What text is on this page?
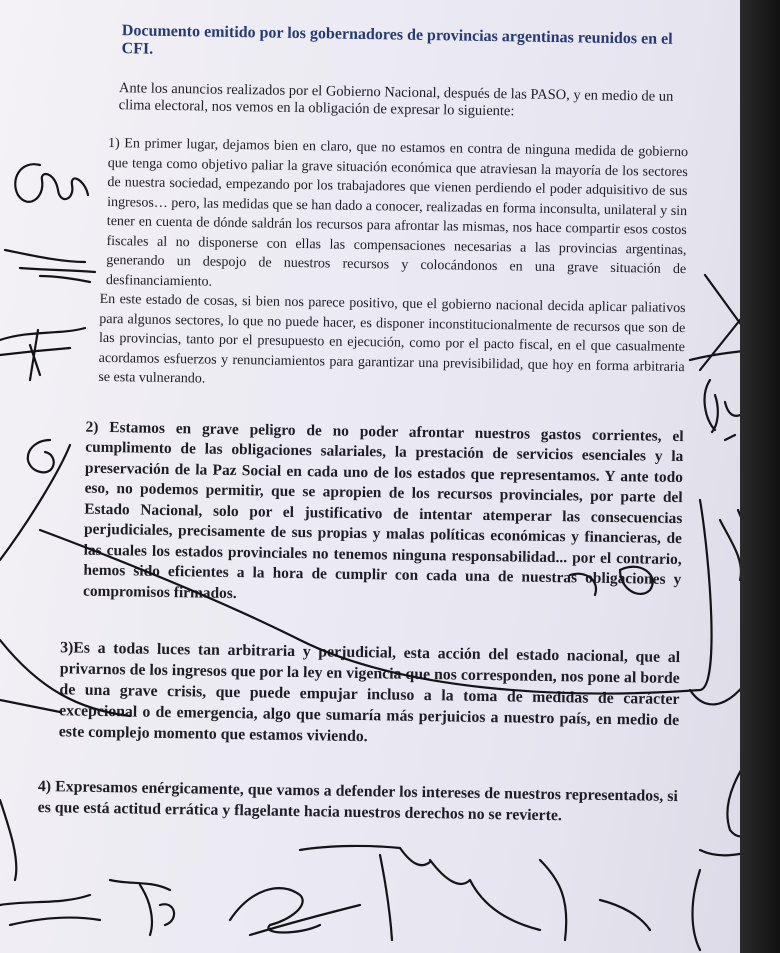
Documento emitido por los gobernadores de provincias argentinas reunidos en el CFI.

Ante los anuncios realizados por el Gobierno Nacional, después de las PASO, y en medio de un clima electoral, nos vemos en la obligación de expresar lo siguiente:

1) En primer lugar, dejamos bien en claro, que no estamos en contra de ninguna medida de gobierno que tenga como objetivo paliar la grave situación económica que atraviesan la mayoría de los sectores de nuestra sociedad, empezando por los trabajadores que vienen perdiendo el poder adquisitivo de sus ingresos… pero, las medidas que se han dado a conocer, realizadas en forma inconsulta, unilateral y sin tener en cuenta de dónde saldrán los recursos para afrontar las mismas, nos hace compartir esos costos fiscales al no disponerse con ellas las compensaciones necesarias a las provincias argentinas, generando un despojo de nuestros recursos y colocándonos en una grave situación de desfinanciamiento.

En este estado de cosas, si bien nos parece positivo, que el gobierno nacional decida aplicar paliativos para algunos sectores, lo que no puede hacer, es disponer inconstitucionalmente de recursos que son de las provincias, tanto por el presupuesto en ejecución, como por el pacto fiscal, en el que casualmente acordamos esfuerzos y renunciamientos para garantizar una previsibilidad, que hoy en forma arbitraria se esta vulnerando.

2) Estamos en grave peligro de no poder afrontar nuestros gastos corrientes, el cumplimento de las obligaciones salariales, la prestación de servicios esenciales y la preservación de la Paz Social en cada uno de los estados que representamos. Y ante todo eso, no podemos permitir, que se apropien de los recursos provinciales, por parte del Estado Nacional, solo por el justificativo de intentar atemperar las consecuencias perjudiciales, precisamente de sus propias y malas políticas económicas y financieras, de las cuales los estados provinciales no tenemos ninguna responsabilidad... por el contrario, hemos sido eficientes a la hora de cumplir con cada una de nuestras obligaciones y compromisos firmados.

3)Es a todas luces tan arbitraria y perjudicial, esta acción del estado nacional, que al privarnos de los ingresos que por la ley en vigencia que nos corresponden, nos pone al borde de una grave crisis, que puede empujar incluso a la toma de medidas de carácter excepcional o de emergencia, algo que sumaría más perjuicios a nuestro país, en medio de este complejo momento que estamos viviendo.

4) Expresamos enérgicamente, que vamos a defender los intereses de nuestros representados, si es que está actitud errática y flagelante hacia nuestros derechos no se revierte.
